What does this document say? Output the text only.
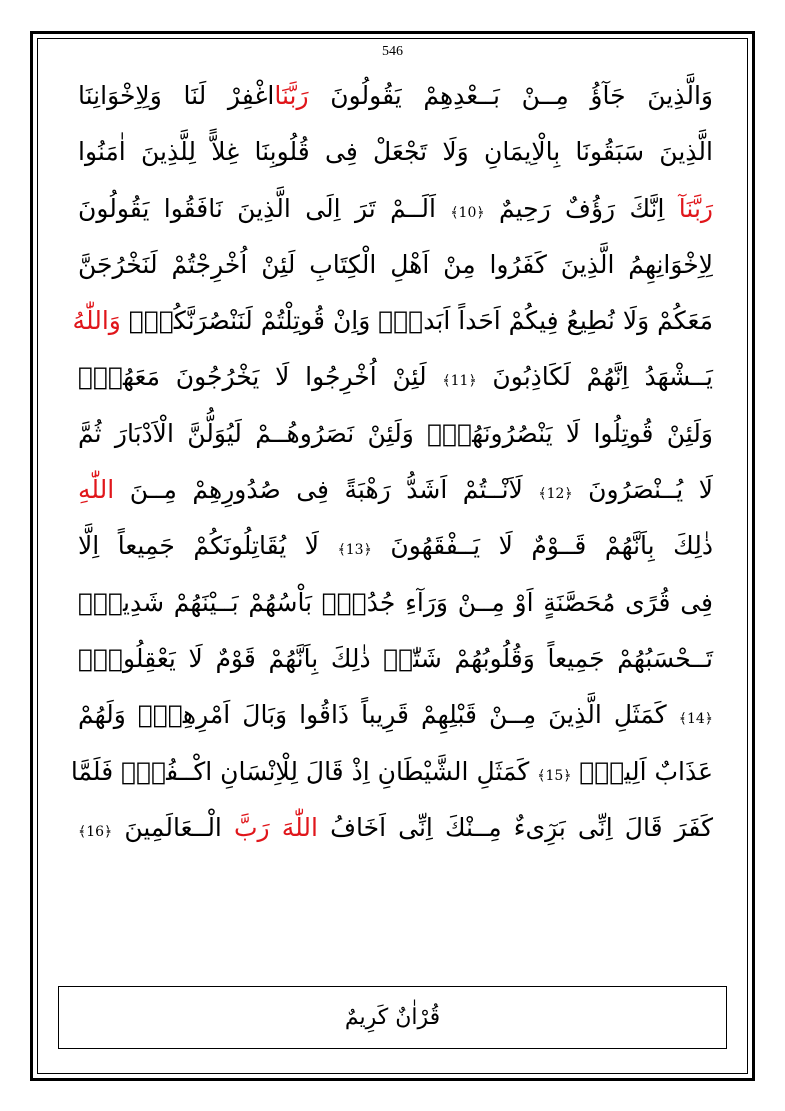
546
وَالَّذِينَ جَآؤُ مِــنْ بَــعْدِهِمْ يَقُولُونَ رَبَّنَااغْفِرْ لَنَا وَلِاِخْوَانِنَا
الَّذِينَ سَبَقُونَا بِالْاِيمَانِ وَلَا تَجْعَلْ فِى قُلُوبِنَا غِلاًّ لِلَّذِينَ اٰمَنُوا
رَبَّنَآ اِنَّكَ رَؤُفٌ رَحِيمٌ ﴿10﴾ اَلَــمْ تَرَ اِلَى الَّذِينَ نَافَقُوا يَقُولُونَ
لِاِخْوَانِهِمُ الَّذِينَ كَفَرُوا مِنْ اَهْلِ الْكِتَابِ لَئِنْ اُخْرِجْتُمْ لَنَخْرُجَنَّ
مَعَكُمْ وَلَا نُطِيعُ فِيكُمْ اَحَداً اَبَداًۙ وَاِنْ قُوتِلْتُمْ لَنَنْصُرَنَّكُمْۜ وَاللّٰهُ
يَــشْهَدُ اِنَّهُمْ لَكَاذِبُونَ ﴿11﴾ لَئِنْ اُخْرِجُوا لَا يَخْرُجُونَ مَعَهُمْۚ
وَلَئِنْ قُوتِلُوا لَا يَنْصُرُونَهُمْۚ وَلَئِنْ نَصَرُوهُــمْ لَيُوَلُّنَّ الْاَدْبَارَ ثُمَّ
لَا يُــنْصَرُونَ ﴿12﴾ لَاَنْــتُمْ اَشَدُّ رَهْبَةً فِى صُدُورِهِمْ مِــنَ اللّٰهِ
ذٰلِكَ بِاَنَّهُمْ قَــوْمٌ لَا يَــفْقَهُونَ ﴿13﴾ لَا يُقَاتِلُونَكُمْ جَمِيعاً اِلَّا
فِى قُرًى مُحَصَّنَةٍ اَوْ مِــنْ وَرَآءِ جُدُرٍۜ بَاْسُهُمْ بَــيْنَهُمْ شَدِيدٌۜ
تَــحْسَبُهُمْ جَمِيعاً وَقُلُوبُهُمْ شَتّٰىۜ ذٰلِكَ بِاَنَّهُمْ قَوْمٌ لَا يَعْقِلُونَۚ
﴿14﴾ كَمَثَلِ الَّذِينَ مِــنْ قَبْلِهِمْ قَرِيباً ذَاقُوا وَبَالَ اَمْرِهِمْۚ وَلَهُمْ
عَذَابٌ اَلِيمٌۚ ﴿15﴾ كَمَثَلِ الشَّيْطَانِ اِذْ قَالَ لِلْاِنْسَانِ اكْــفُرْۚ فَلَمَّا
كَفَرَ قَالَ اِنِّى بَرِٓیءٌ مِــنْكَ اِنِّى اَخَافُ اللّٰهَ رَبَّ الْــعَالَمِينَ ﴿16﴾
قُرْاٰنٌ كَرِيمٌ
